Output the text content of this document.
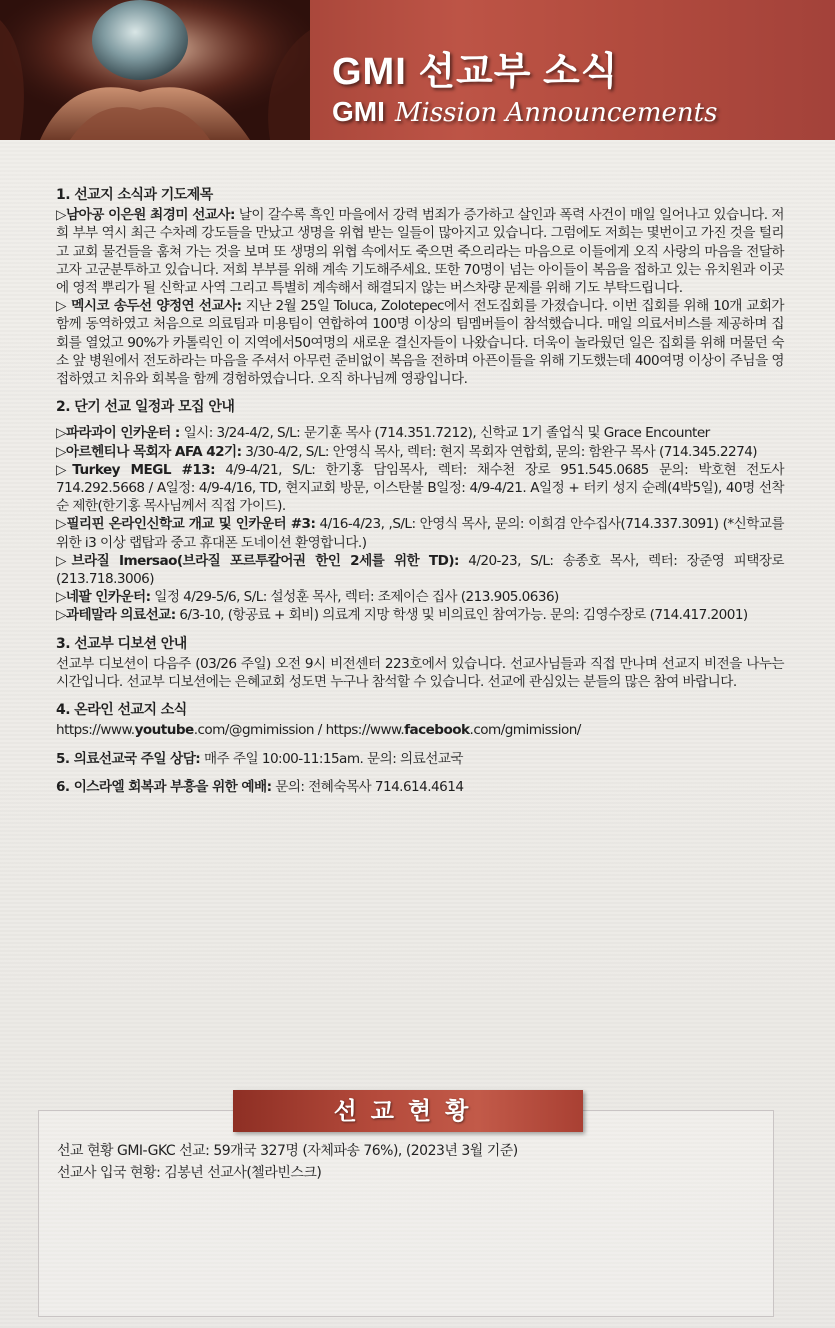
GMI 선교부 소식
GMI Mission Announcements
1. 선교지 소식과 기도제목

▷남아공 이은원 최경미 선교사: 날이 갈수록 흑인 마을에서 강력 범죄가 증가하고 살인과 폭력 사건이 매일 일어나고 있습니다. 저희 부부 역시 최근 수차례 강도들을 만났고 생명을 위협 받는 일들이 많아지고 있습니다. 그럼에도 저희는 몇번이고 가진 것을 털리고 교회 물건들을 훔쳐 가는 것을 보며 또 생명의 위협 속에서도 죽으면 죽으리라는 마음으로 이들에게 오직 사랑의 마음을 전달하고자 고군분투하고 있습니다. 저희 부부를 위해 계속 기도해주세요. 또한 70명이 넘는 아이들이 복음을 접하고 있는 유치원과 이곳에 영적 뿌리가 될 신학교 사역 그리고 특별히 계속해서 해결되지 않는 버스차량 문제를 위해 기도 부탁드립니다.

▷ 멕시코 송두선 양정연 선교사: 지난 2월 25일 Toluca, Zolotepec에서 전도집회를 가졌습니다. 이번 집회를 위해 10개 교회가 함께 동역하였고 처음으로 의료팀과 미용팀이 연합하여 100명 이상의 팀멤버들이 참석했습니다. 매일 의료서비스를 제공하며 집회를 열었고 90%가 카톨릭인 이 지역에서50여명의 새로운 결신자들이 나왔습니다. 더욱이 놀라웠던 일은 집회를 위해 머물던 숙소 앞 병원에서 전도하라는 마음을 주셔서 아무런 준비없이 복음을 전하며 아픈이들을 위해 기도했는데 400여명 이상이 주님을 영접하였고 치유와 회복을 함께 경험하였습니다. 오직 하나님께 영광입니다.

2. 단기 선교 일정과 모집 안내

▷파라과이 인카운터 : 일시: 3/24-4/2, S/L: 문기훈 목사 (714.351.7212), 신학교 1기 졸업식 및 Grace Encounter

▷아르헨티나 목회자 AFA 42기: 3/30-4/2, S/L: 안영식 목사, 렉터: 현지 목회자 연합회, 문의: 함완구 목사 (714.345.2274)

▷Turkey MEGL #13: 4/9-4/21, S/L: 한기홍 담임목사, 렉터: 채수천 장로 951.545.0685 문의: 박호현 전도사 714.292.5668 / A일정: 4/9-4/16, TD, 현지교회 방문, 이스탄불 B일정: 4/9-4/21. A일정 + 터키 성지 순례(4박5일), 40명 선착순 제한(한기홍 목사님께서 직접 가이드).

▷필리핀 온라인신학교 개교 및 인카운터 #3: 4/16-4/23, ,S/L: 안영식 목사, 문의: 이희겸 안수집사(714.337.3091) (*신학교를 위한 i3 이상 랩탑과 중고 휴대폰 도네이션 환영합니다.)

▷브라질 Imersao(브라질 포르투칼어권 한인 2세를 위한 TD): 4/20-23, S/L: 송종호 목사, 렉터: 장준영 피택장로(213.718.3006)

▷네팔 인카운터: 일정 4/29-5/6, S/L: 설성훈 목사, 렉터: 조제이슨 집사 (213.905.0636)

▷과테말라 의료선교: 6/3-10, (항공료 + 회비) 의료계 지망 학생 및 비의료인 참여가능. 문의: 김영수장로 (714.417.2001)

3. 선교부 디보션 안내

선교부 디보션이 다음주 (03/26 주일) 오전 9시 비전센터 223호에서 있습니다. 선교사님들과 직접 만나며 선교지 비전을 나누는 시간입니다. 선교부 디보션에는 은혜교회 성도면 누구나 참석할 수 있습니다. 선교에 관심있는 분들의 많은 참여 바랍니다.

4. 온라인 선교지 소식

https://www.youtube.com/@gmimission / https://www.facebook.com/gmimission/

5. 의료선교국 주일 상담: 매주 주일 10:00-11:15am. 문의: 의료선교국

6. 이스라엘 회복과 부흥을 위한 예배: 문의: 전혜숙목사 714.614.4614

선교현황
선교 현황 GMI-GKC 선교: 59개국 327명 (자체파송 76%), (2023년 3월 기준)
선교사 입국 현황: 김봉년 선교사(첼라빈스크)
